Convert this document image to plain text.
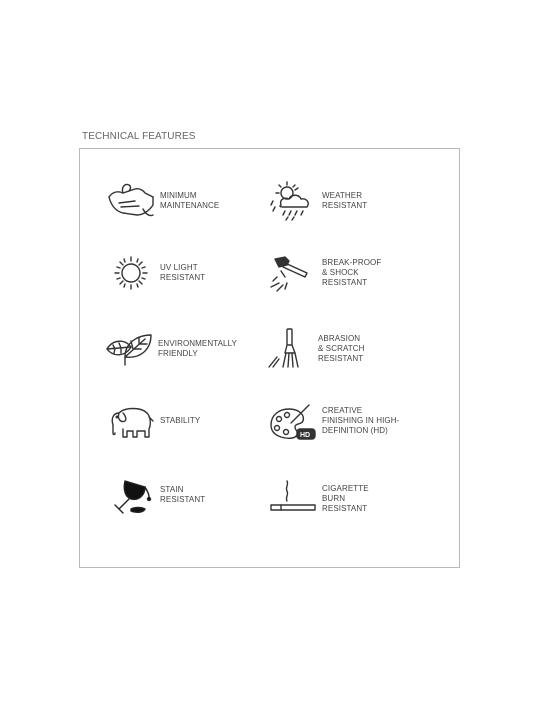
TECHNICAL FEATURES
MINIMUM
MAINTENANCE
WEATHER
RESISTANT
UV LIGHT
RESISTANT
BREAK-PROOF
& SHOCK
RESISTANT
ENVIRONMENTALLY
FRIENDLY
ABRASION
& SCRATCH
RESISTANT
STABILITY
HD
CREATIVE
FINISHING IN HIGH-
DEFINITION (HD)
STAIN
RESISTANT
CIGARETTE
BURN
RESISTANT
